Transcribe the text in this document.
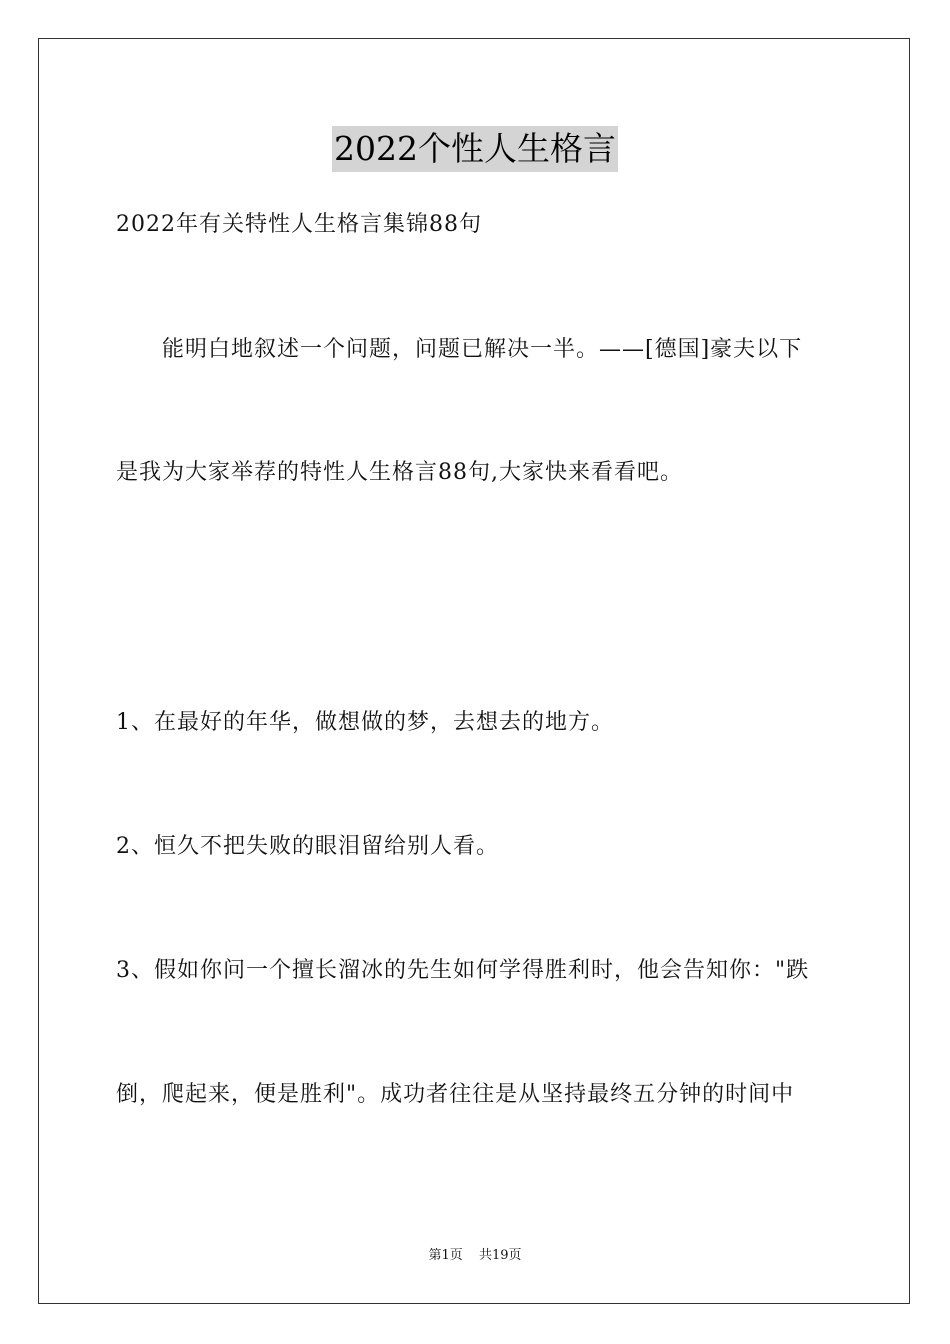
2022个性人生格言
2022年有关特性人生格言集锦88句
能明白地叙述一个问题，问题已解决一半。——[德国]豪夫以下
是我为大家举荐的特性人生格言88句,大家快来看看吧。
1、在最好的年华，做想做的梦，去想去的地方。
2、恒久不把失败的眼泪留给别人看。
3、假如你问一个擅长溜冰的先生如何学得胜利时，他会告知你："跌
倒，爬起来，便是胜利"。成功者往往是从坚持最终五分钟的时间中
第1页 共19页
